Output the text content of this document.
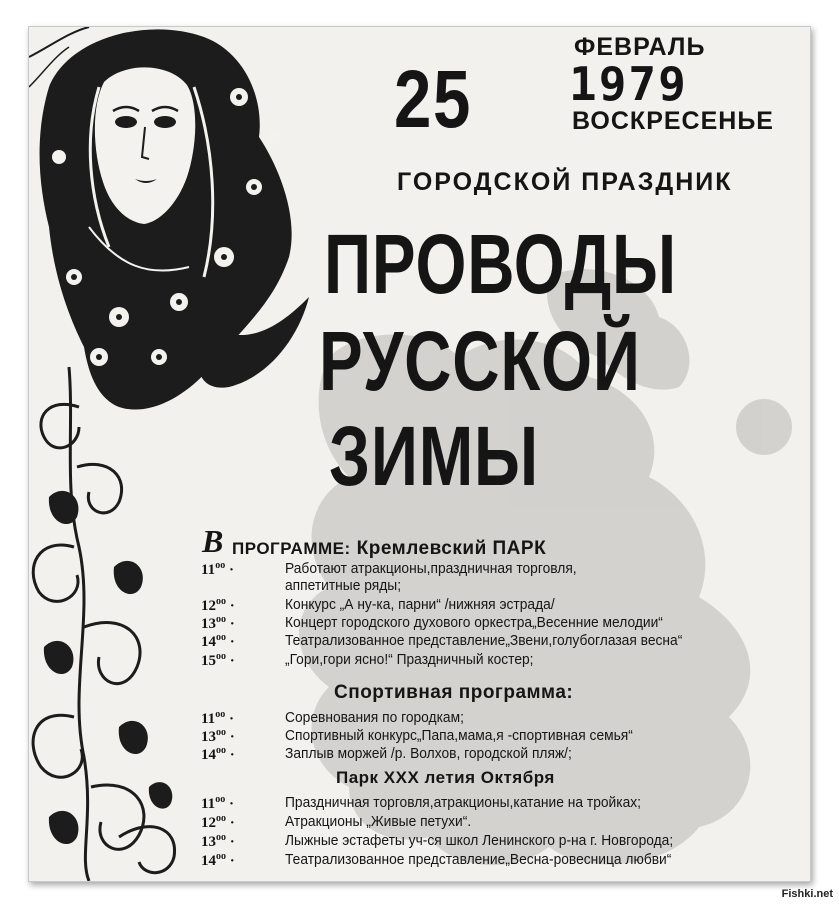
25
ФЕВРАЛЬ
1979
ВОСКРЕСЕНЬЕ
ГОРОДСКОЙ ПРАЗДНИК
ПРОВОДЫ
РУССКОЙ
ЗИМЫ
В ПРОГРАММЕ: Кремлевский ПАРК
$11^{оо}$ ·	Работают атракционы,праздничная торговля,
аппетитные ряды;
$12^{оо}$ ·	Конкурс „А ну-ка, парни“ /нижняя эстрада/
$13^{оо}$ ·	Концерт городского духового оркестра„Весенние мелодии“
$14^{оо}$ ·	Театрализованное представление„Звени,голубоглазая весна“
$15^{оо}$ ·	„Гори,гори ясно!“ Праздничный костер;
Спортивная программа:
$11^{оо}$ ·	Соревнования по городкам;
$13^{оо}$ ·	Спортивный конкурс„Папа,мама,я -спортивная семья“
$14^{оо}$ ·	Заплыв моржей /р. Волхов, городской пляж/;
Парк XXX летия Октября
$11^{оо}$ ·	Праздничная торговля,атракционы,катание на тройках;
$12^{оо}$ ·	Атракционы „Живые петухи“.
$13^{оо}$ ·	Лыжные эстафеты уч-ся школ Ленинского р-на г. Новгорода;
$14^{оо}$ ·	Театрализованное представление„Весна-ровесница любви“
Fishki.net
